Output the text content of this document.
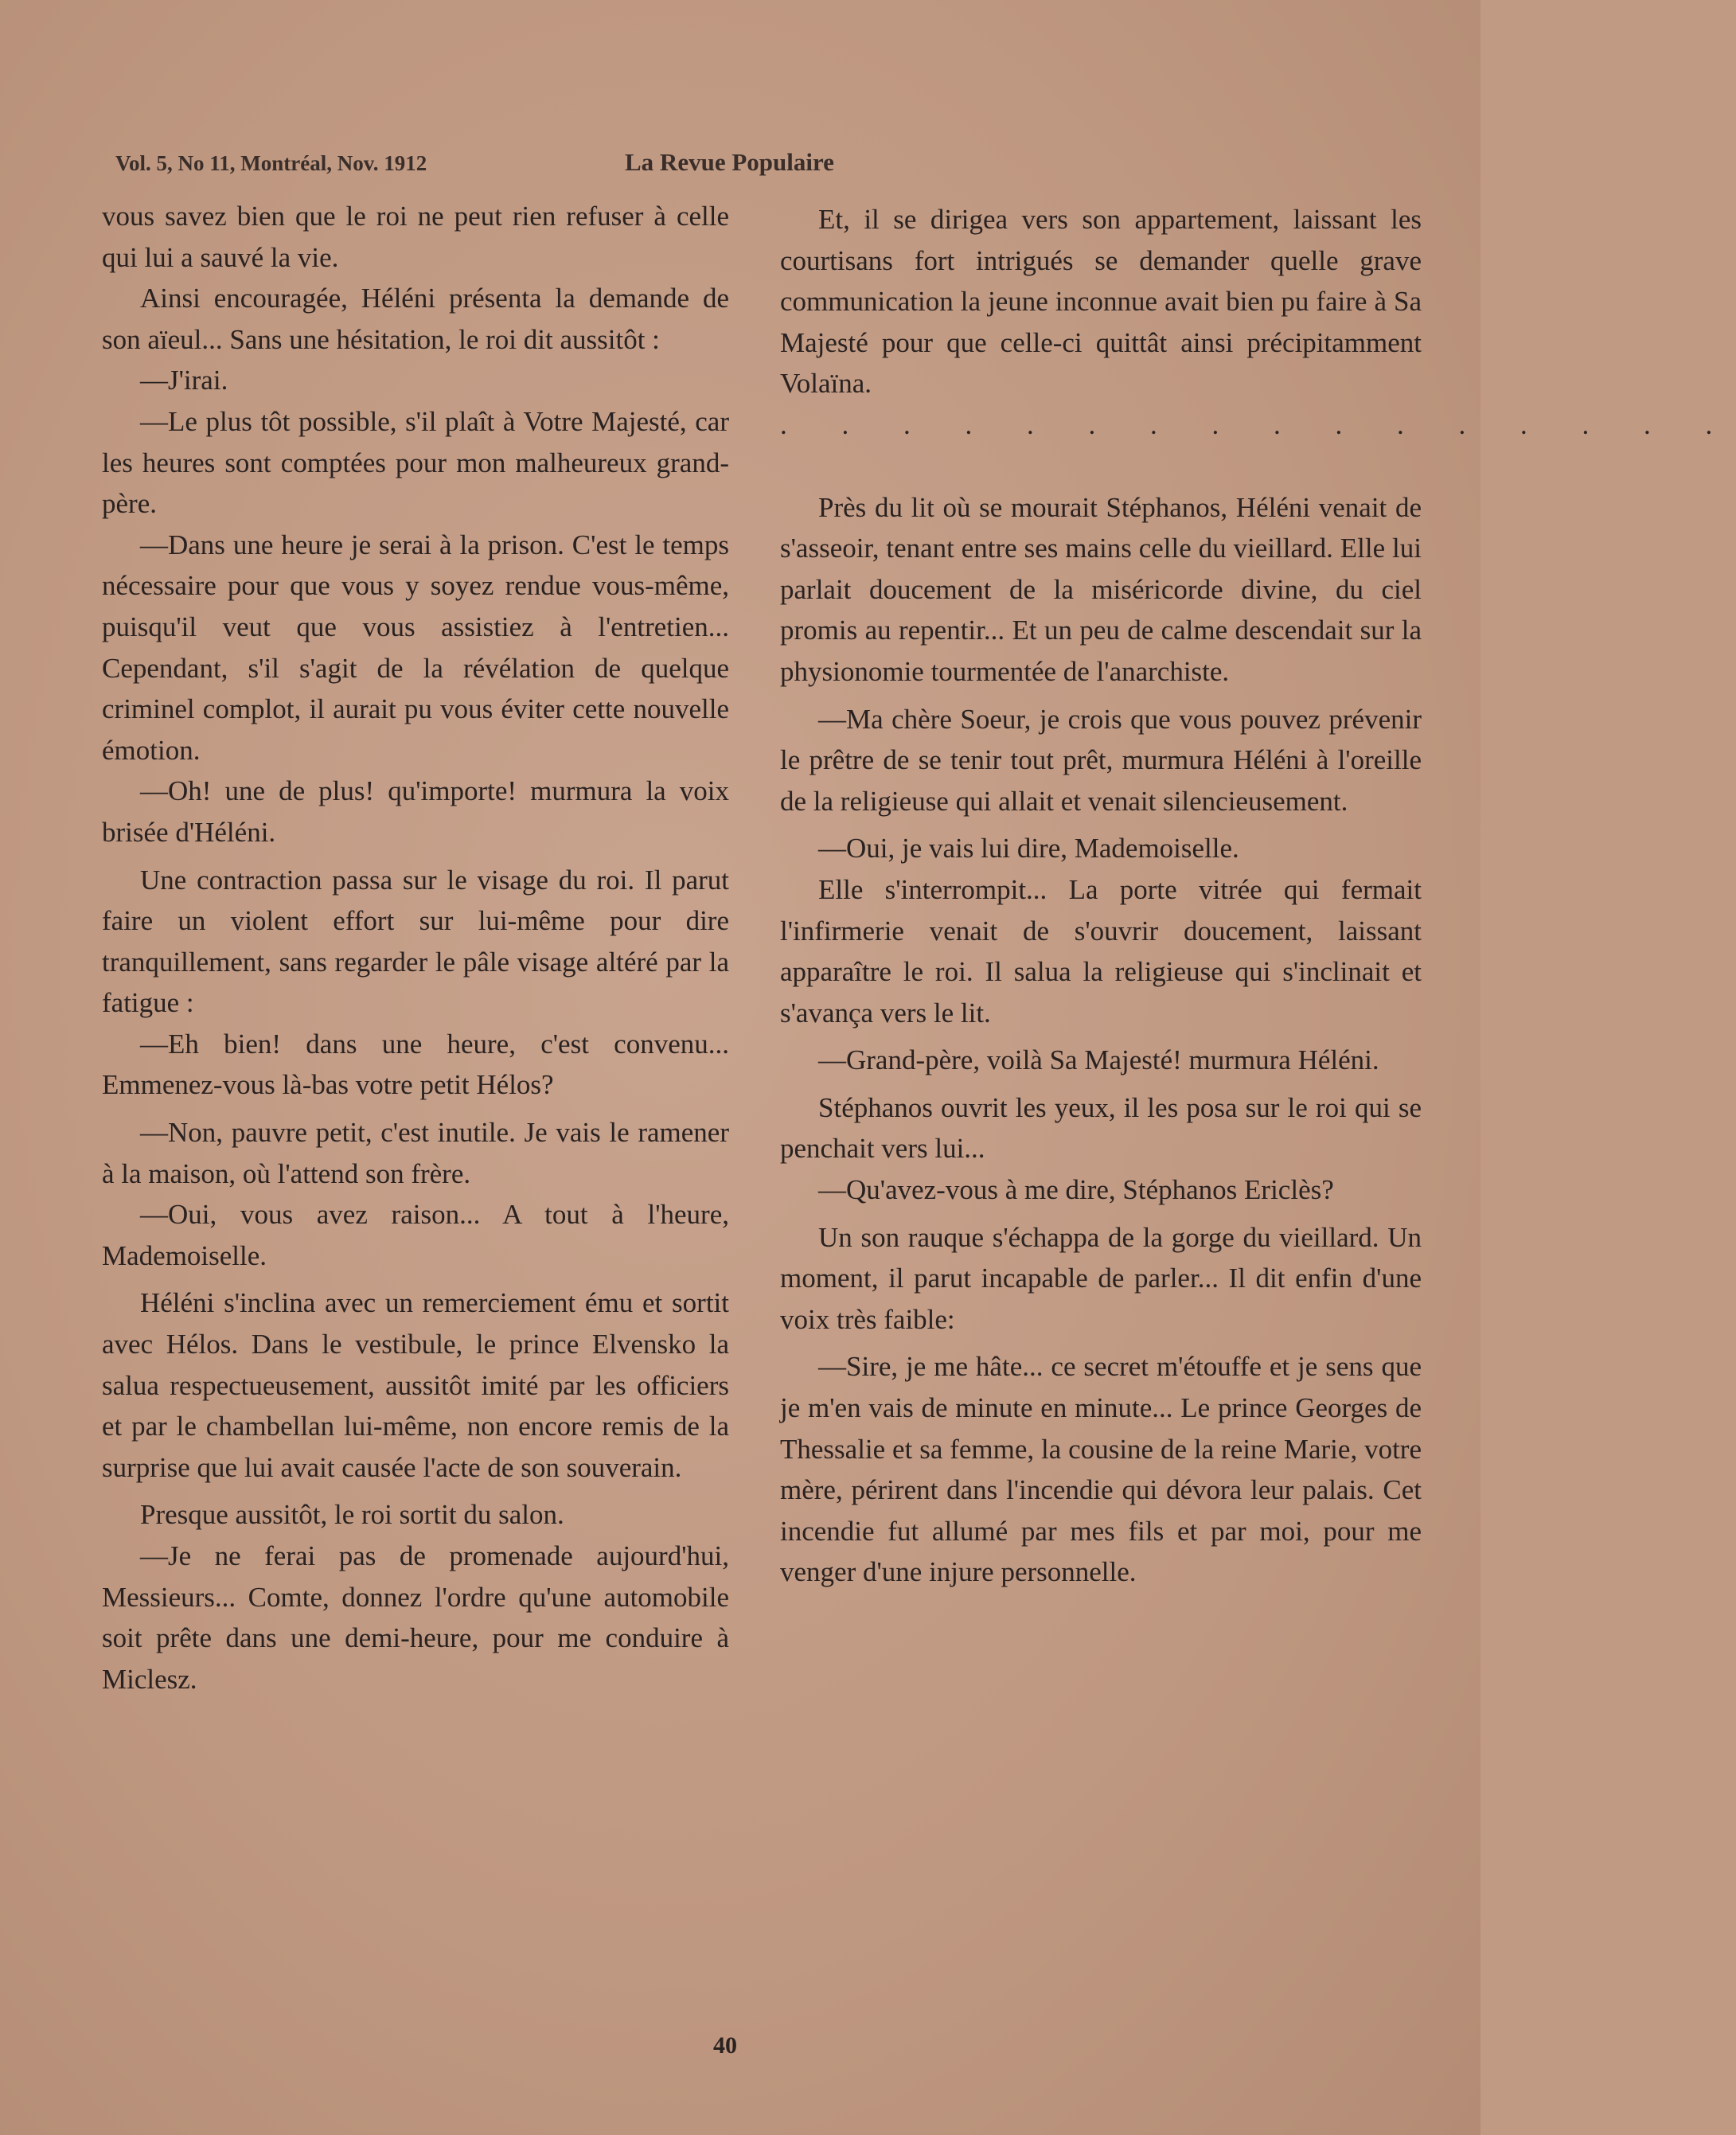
Vol. 5, No 11, Montréal, Nov. 1912	La Revue Populaire

vous savez bien que le roi ne peut rien refuser à celle qui lui a sauvé la vie.

Ainsi encouragée, Héléni présenta la demande de son aïeul... Sans une hésitation, le roi dit aussitôt :

—J'irai.

—Le plus tôt possible, s'il plaît à Votre Majesté, car les heures sont comptées pour mon malheureux grand-père.

—Dans une heure je serai à la prison. C'est le temps nécessaire pour que vous y soyez rendue vous-même, puisqu'il veut que vous assistiez à l'entretien... Cependant, s'il s'agit de la révélation de quelque criminel complot, il aurait pu vous éviter cette nouvelle émotion.

—Oh! une de plus! qu'importe! murmura la voix brisée d'Héléni.

Une contraction passa sur le visage du roi. Il parut faire un violent effort sur lui-même pour dire tranquillement, sans regarder le pâle visage altéré par la fatigue :

—Eh bien! dans une heure, c'est convenu... Emmenez-vous là-bas votre petit Hélos?

—Non, pauvre petit, c'est inutile. Je vais le ramener à la maison, où l'attend son frère.

—Oui, vous avez raison... A tout à l'heure, Mademoiselle.

Héléni s'inclina avec un remerciement ému et sortit avec Hélos. Dans le vestibule, le prince Elvensko la salua respectueusement, aussitôt imité par les officiers et par le chambellan lui-même, non encore remis de la surprise que lui avait causée l'acte de son souverain.

Presque aussitôt, le roi sortit du salon.

—Je ne ferai pas de promenade aujourd'hui, Messieurs... Comte, donnez l'ordre qu'une automobile soit prête dans une demi-heure, pour me conduire à Miclesz.

Et, il se dirigea vers son appartement, laissant les courtisans fort intrigués se demander quelle grave communication la jeune inconnue avait bien pu faire à Sa Majesté pour que celle-ci quittât ainsi précipitamment Volaïna.

. . . . . . . . . . . . . . . .

Près du lit où se mourait Stéphanos, Héléni venait de s'asseoir, tenant entre ses mains celle du vieillard. Elle lui parlait doucement de la miséricorde divine, du ciel promis au repentir... Et un peu de calme descendait sur la physionomie tourmentée de l'anarchiste.

—Ma chère Soeur, je crois que vous pouvez prévenir le prêtre de se tenir tout prêt, murmura Héléni à l'oreille de la religieuse qui allait et venait silencieusement.

—Oui, je vais lui dire, Mademoiselle.

Elle s'interrompit... La porte vitrée qui fermait l'infirmerie venait de s'ouvrir doucement, laissant apparaître le roi. Il salua la religieuse qui s'inclinait et s'avança vers le lit.

—Grand-père, voilà Sa Majesté! murmura Héléni.

Stéphanos ouvrit les yeux, il les posa sur le roi qui se penchait vers lui...

—Qu'avez-vous à me dire, Stéphanos Ericlès?

Un son rauque s'échappa de la gorge du vieillard. Un moment, il parut incapable de parler... Il dit enfin d'une voix très faible:

—Sire, je me hâte... ce secret m'étouffe et je sens que je m'en vais de minute en minute... Le prince Georges de Thessalie et sa femme, la cousine de la reine Marie, votre mère, périrent dans l'incendie qui dévora leur palais. Cet incendie fut allumé par mes fils et par moi, pour me venger d'une injure personnelle.

40
